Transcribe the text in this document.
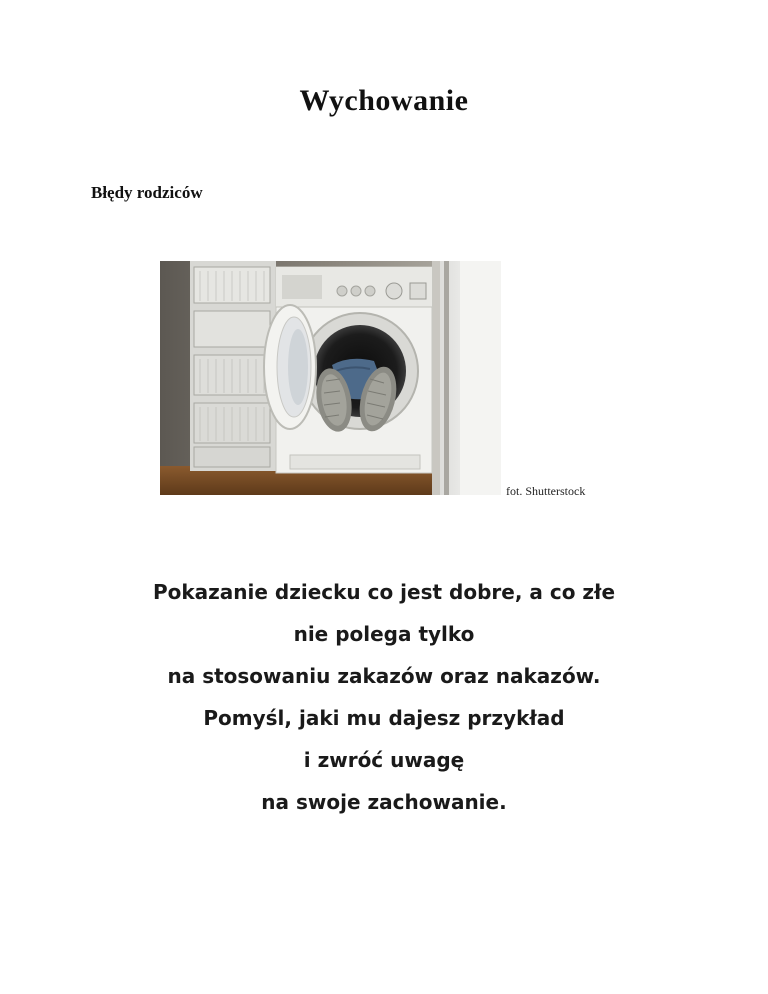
Wychowanie
Błędy rodziców
fot. Shutterstock
Pokazanie dziecku co jest dobre, a co złe
nie polega tylko
na stosowaniu zakazów oraz nakazów.
Pomyśl, jaki mu dajesz przykład
i zwróć uwagę
na swoje zachowanie.
